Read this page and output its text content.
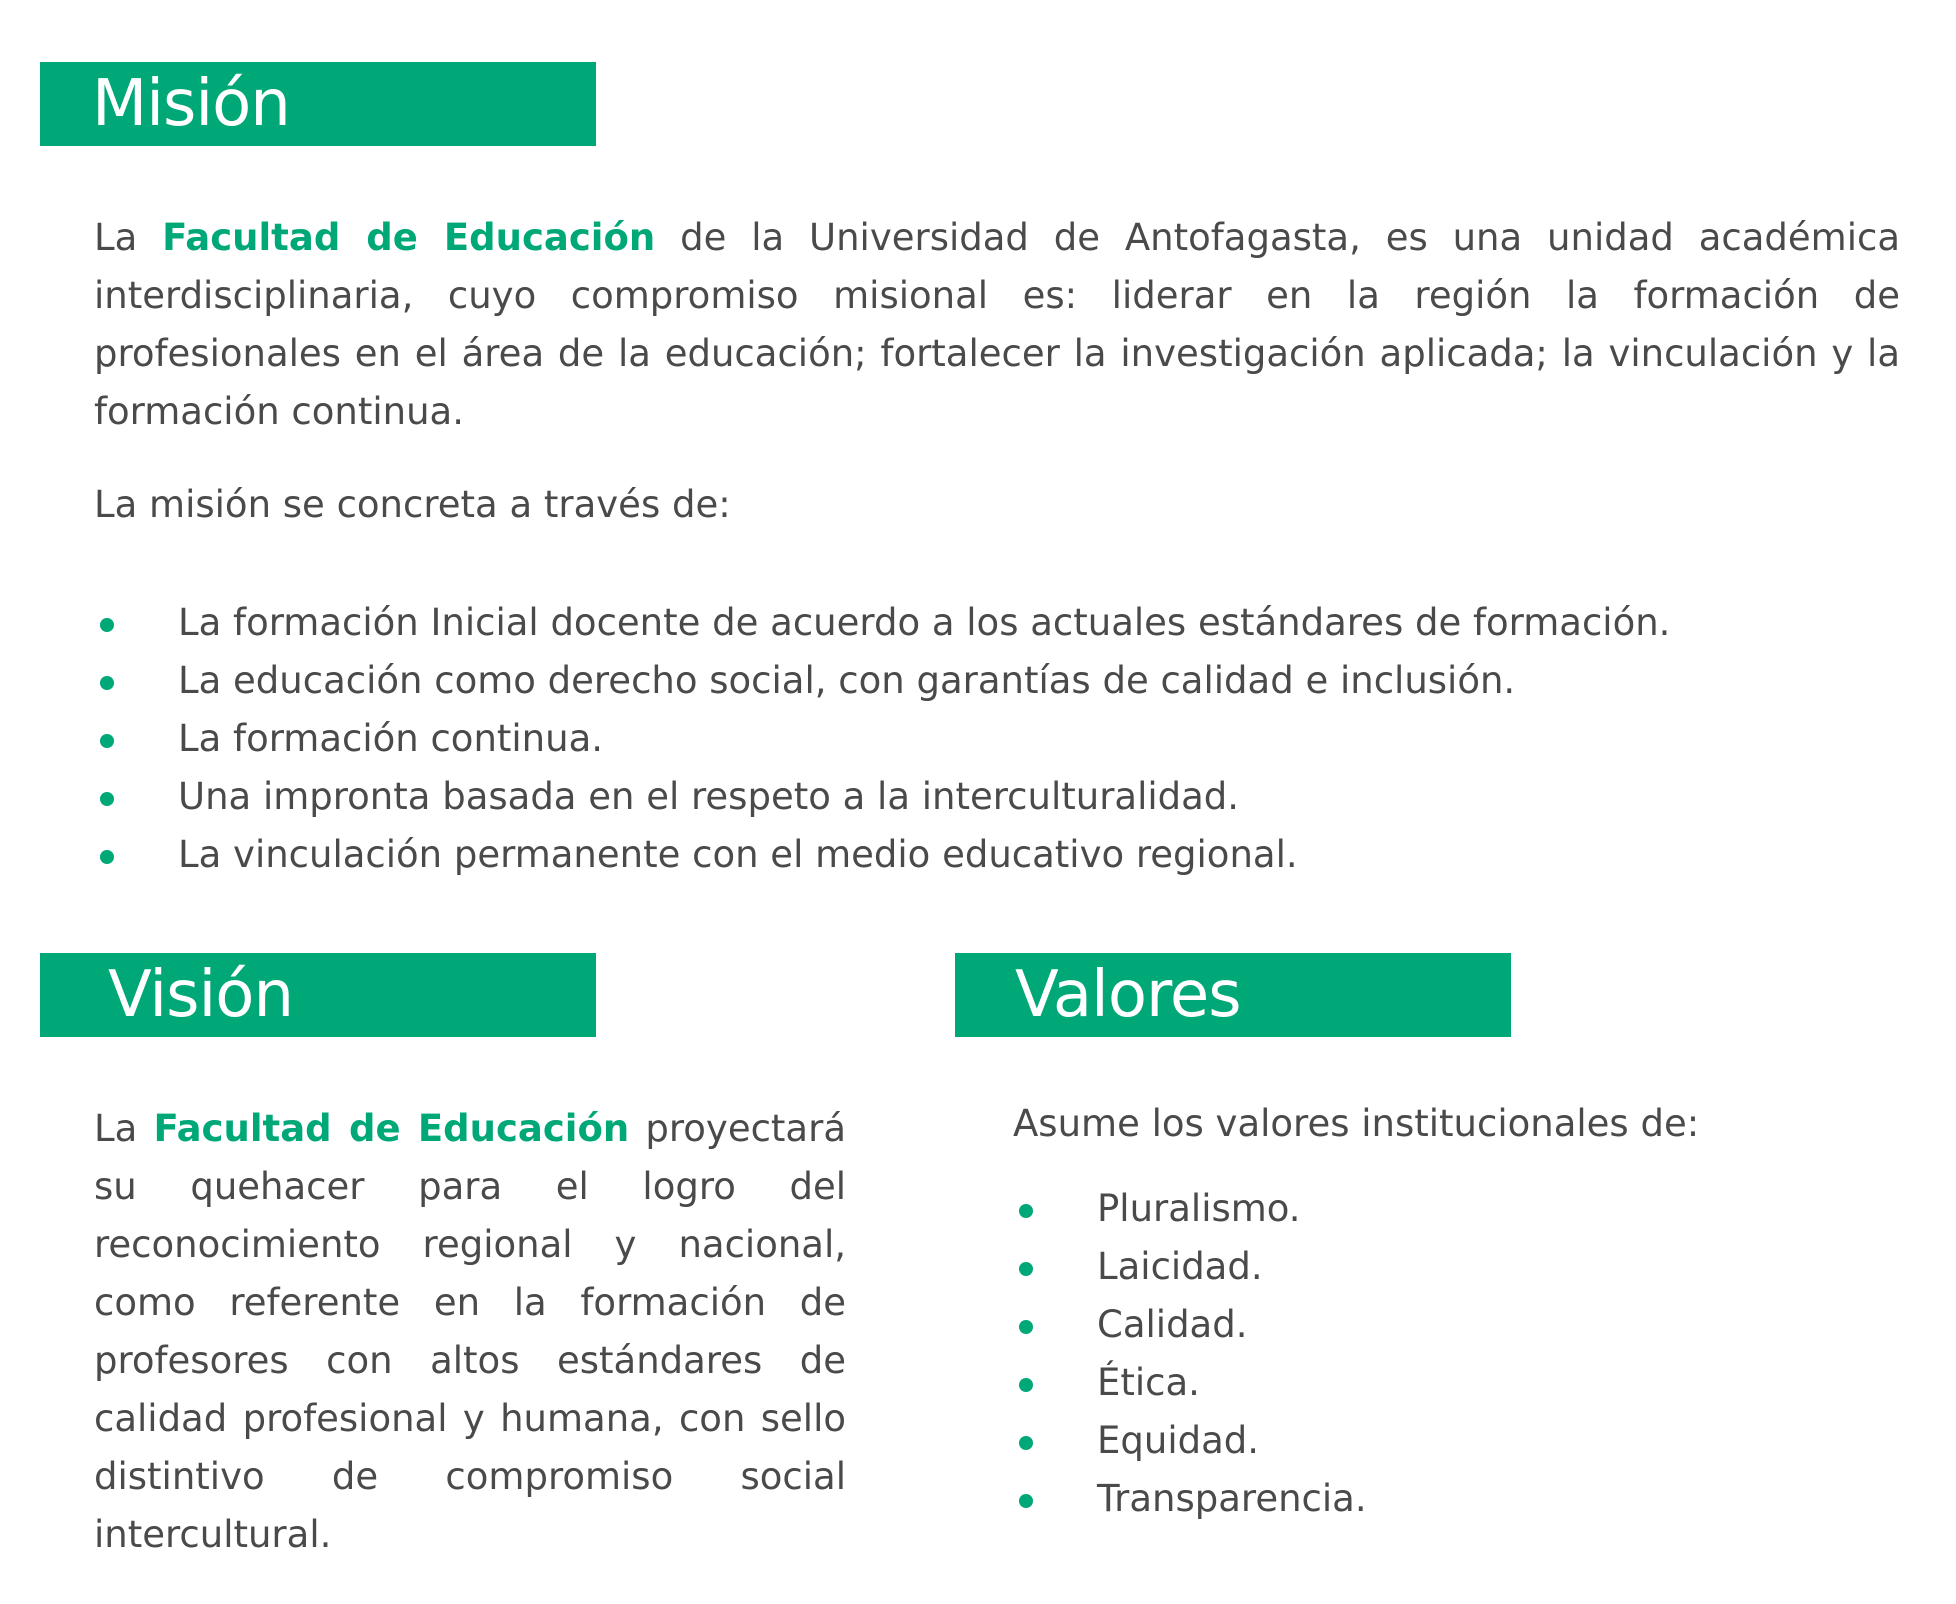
Misión

La Facultad de Educación de la Universidad de Antofagasta, es una unidad académica interdisciplinaria, cuyo compromiso misional es: liderar en la región la formación de profesionales en el área de la educación; fortalecer la investigación aplicada; la vinculación y la formación continua.

La misión se concreta a través de:

La formación Inicial docente de acuerdo a los actuales estándares de formación.
La educación como derecho social, con garantías de calidad e inclusión.
La formación continua.
Una impronta basada en el respeto a la interculturalidad.
La vinculación permanente con el medio educativo regional.
Visión

La Facultad de Educación proyectará su quehacer para el logro del reconocimiento regional y nacional, como referente en la formación de profesores con altos estándares de calidad profesional y humana, con sello distintivo de compromiso social intercultural.

Valores

Asume los valores institucionales de:

Pluralismo.
Laicidad.
Calidad.
Ética.
Equidad.
Transparencia.
